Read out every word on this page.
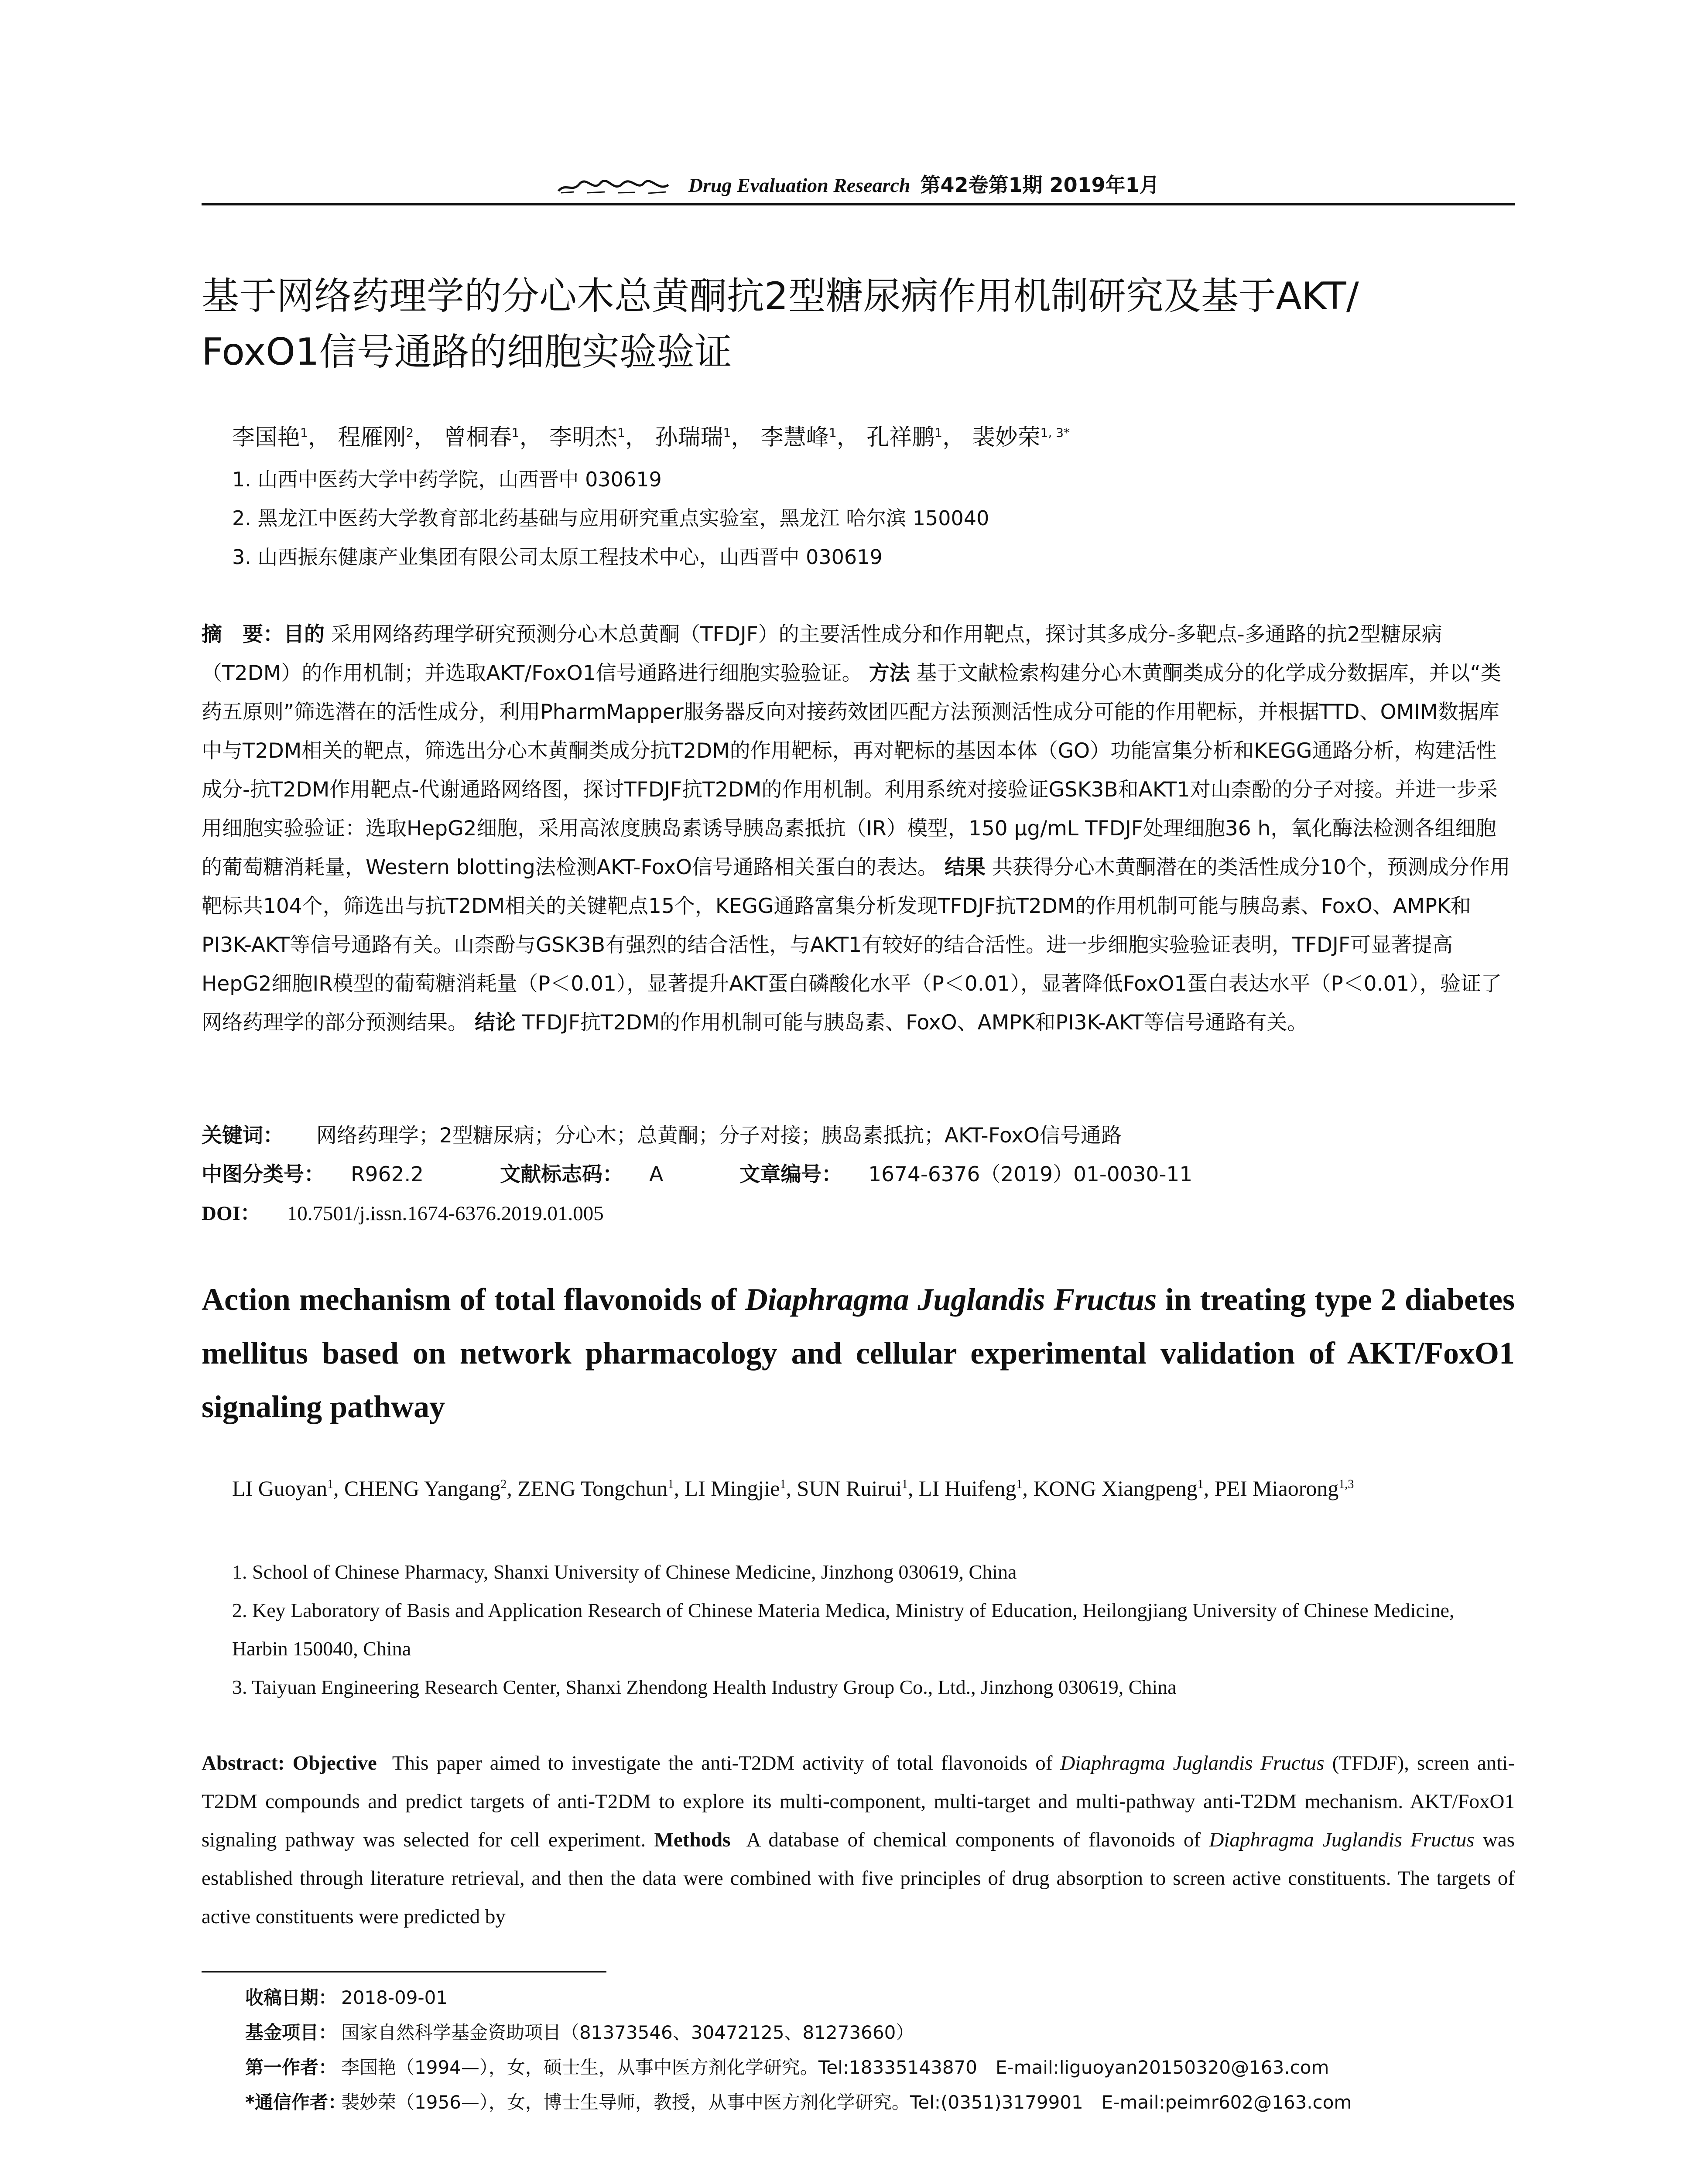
Drug Evaluation Research 第42卷第1期 2019年1月
基于网络药理学的分心木总黄酮抗2型糖尿病作用机制研究及基于AKT/
FoxO1信号通路的细胞实验验证
李国艳$^1$， 程雁刚$^2$， 曾桐春$^1$， 李明杰$^1$， 孙瑞瑞$^1$， 李慧峰$^1$， 孔祥鹏$^1$， 裴妙荣$^{1, 3*}$
1. 山西中医药大学中药学院，山西晋中 030619
2. 黑龙江中医药大学教育部北药基础与应用研究重点实验室，黑龙江 哈尔滨 150040
3. 山西振东健康产业集团有限公司太原工程技术中心，山西晋中 030619

摘　要：目的 采用网络药理学研究预测分心木总黄酮（TFDJF）的主要活性成分和作用靶点，探讨其多成分-多靶点-多通路的抗2型糖尿病（T2DM）的作用机制；并选取AKT/FoxO1信号通路进行细胞实验验证。 方法 基于文献检索构建分心木黄酮类成分的化学成分数据库，并以“类药五原则”筛选潜在的活性成分，利用PharmMapper服务器反向对接药效团匹配方法预测活性成分可能的作用靶标，并根据TTD、OMIM数据库中与T2DM相关的靶点，筛选出分心木黄酮类成分抗T2DM的作用靶标，再对靶标的基因本体（GO）功能富集分析和KEGG通路分析，构建活性成分-抗T2DM作用靶点-代谢通路网络图，探讨TFDJF抗T2DM的作用机制。利用系统对接验证GSK3B和AKT1对山柰酚的分子对接。并进一步采用细胞实验验证：选取HepG2细胞，采用高浓度胰岛素诱导胰岛素抵抗（IR）模型，150 μg/mL TFDJF处理细胞36 h，氧化酶法检测各组细胞的葡萄糖消耗量，Western blotting法检测AKT-FoxO信号通路相关蛋白的表达。 结果 共获得分心木黄酮潜在的类活性成分10个，预测成分作用靶标共104个，筛选出与抗T2DM相关的关键靶点15个，KEGG通路富集分析发现TFDJF抗T2DM的作用机制可能与胰岛素、FoxO、AMPK和PI3K-AKT等信号通路有关。山柰酚与GSK3B有强烈的结合活性，与AKT1有较好的结合活性。进一步细胞实验验证表明，TFDJF可显著提高HepG2细胞IR模型的葡萄糖消耗量（P＜0.01），显著提升AKT蛋白磷酸化水平（P＜0.01），显著降低FoxO1蛋白表达水平（P＜0.01），验证了网络药理学的部分预测结果。 结论 TFDJF抗T2DM的作用机制可能与胰岛素、FoxO、AMPK和PI3K-AKT等信号通路有关。

关键词： 网络药理学；2型糖尿病；分心木；总黄酮；分子对接；胰岛素抵抗；AKT-FoxO信号通路
中图分类号： R962.2	文献标志码： A	文章编号： 1674-6376（2019）01-0030-11
DOI： 10.7501/j.issn.1674-6376.2019.01.005
Action mechanism of total flavonoids of Diaphragma Juglandis Fructus in treating type 2 diabetes mellitus based on network pharmacology and cellular experimental validation of AKT/FoxO1 signaling pathway
LI Guoyan$^1$, CHENG Yangang$^2$, ZENG Tongchun$^1$, LI Mingjie$^1$, SUN Ruirui$^1$, LI Huifeng$^1$, KONG Xiangpeng$^1$, PEI Miaorong$^{1,3}$
1. School of Chinese Pharmacy, Shanxi University of Chinese Medicine, Jinzhong 030619, China
2. Key Laboratory of Basis and Application Research of Chinese Materia Medica, Ministry of Education, Heilongjiang University of Chinese Medicine, Harbin 150040, China
3. Taiyuan Engineering Research Center, Shanxi Zhendong Health Industry Group Co., Ltd., Jinzhong 030619, China
Abstract: Objective This paper aimed to investigate the anti-T2DM activity of total flavonoids of Diaphragma Juglandis Fructus (TFDJF), screen anti-T2DM compounds and predict targets of anti-T2DM to explore its multi-component, multi-target and multi-pathway anti-T2DM mechanism. AKT/FoxO1 signaling pathway was selected for cell experiment. Methods A database of chemical components of flavonoids of Diaphragma Juglandis Fructus was established through literature retrieval, and then the data were combined with five principles of drug absorption to screen active constituents. The targets of active constituents were predicted by
收稿日期： 2018-09-01
基金项目： 国家自然科学基金资助项目（81373546、30472125、81273660）
第一作者： 李国艳（1994—），女，硕士生，从事中医方剂化学研究。Tel:18335143870　E-mail:liguoyan20150320@163.com
*通信作者：裴妙荣（1956—），女，博士生导师，教授，从事中医方剂化学研究。Tel:(0351)3179901　E-mail:peimr602@163.com
